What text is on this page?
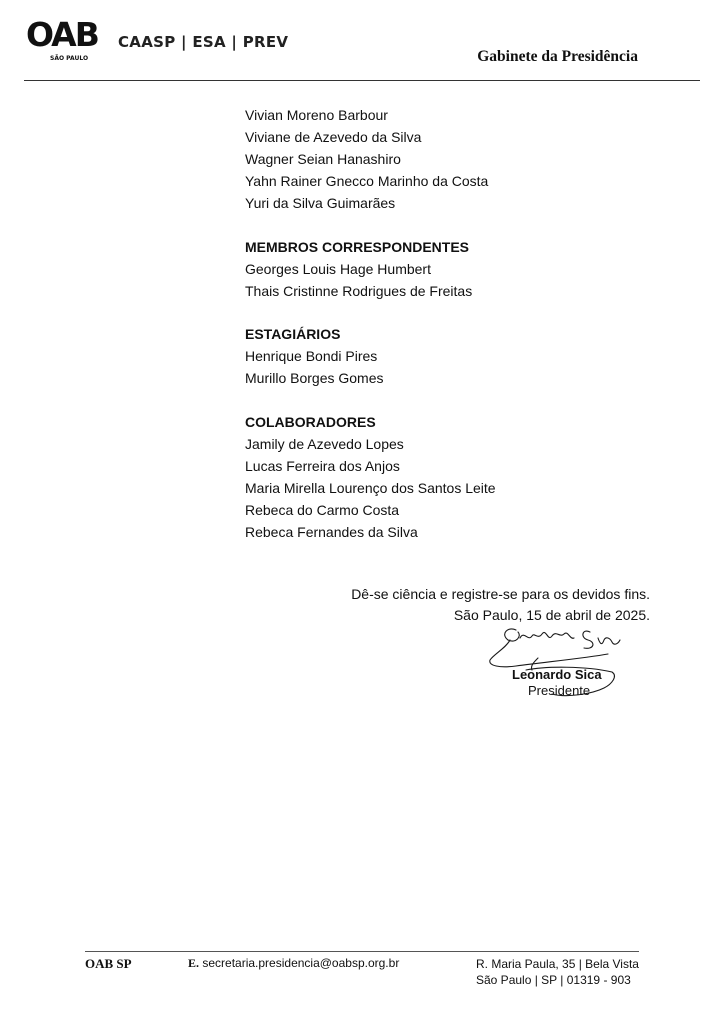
OAB
SÃO PAULO
CAASP | ESA | PREV
Gabinete da Presidência
Vivian Moreno Barbour
Viviane de Azevedo da Silva
Wagner Seian Hanashiro
Yahn Rainer Gnecco Marinho da Costa
Yuri da Silva Guimarães
MEMBROS CORRESPONDENTES
Georges Louis Hage Humbert
Thais Cristinne Rodrigues de Freitas
ESTAGIÁRIOS
Henrique Bondi Pires
Murillo Borges Gomes
COLABORADORES
Jamily de Azevedo Lopes
Lucas Ferreira dos Anjos
Maria Mirella Lourenço dos Santos Leite
Rebeca do Carmo Costa
Rebeca Fernandes da Silva
Dê-se ciência e registre-se para os devidos fins.
São Paulo, 15 de abril de 2025.
Leonardo Sica
Presidente
OAB SP	E. secretaria.presidencia@oabsp.org.br	R. Maria Paula, 35 | Bela Vista
São Paulo | SP | 01319 - 903
